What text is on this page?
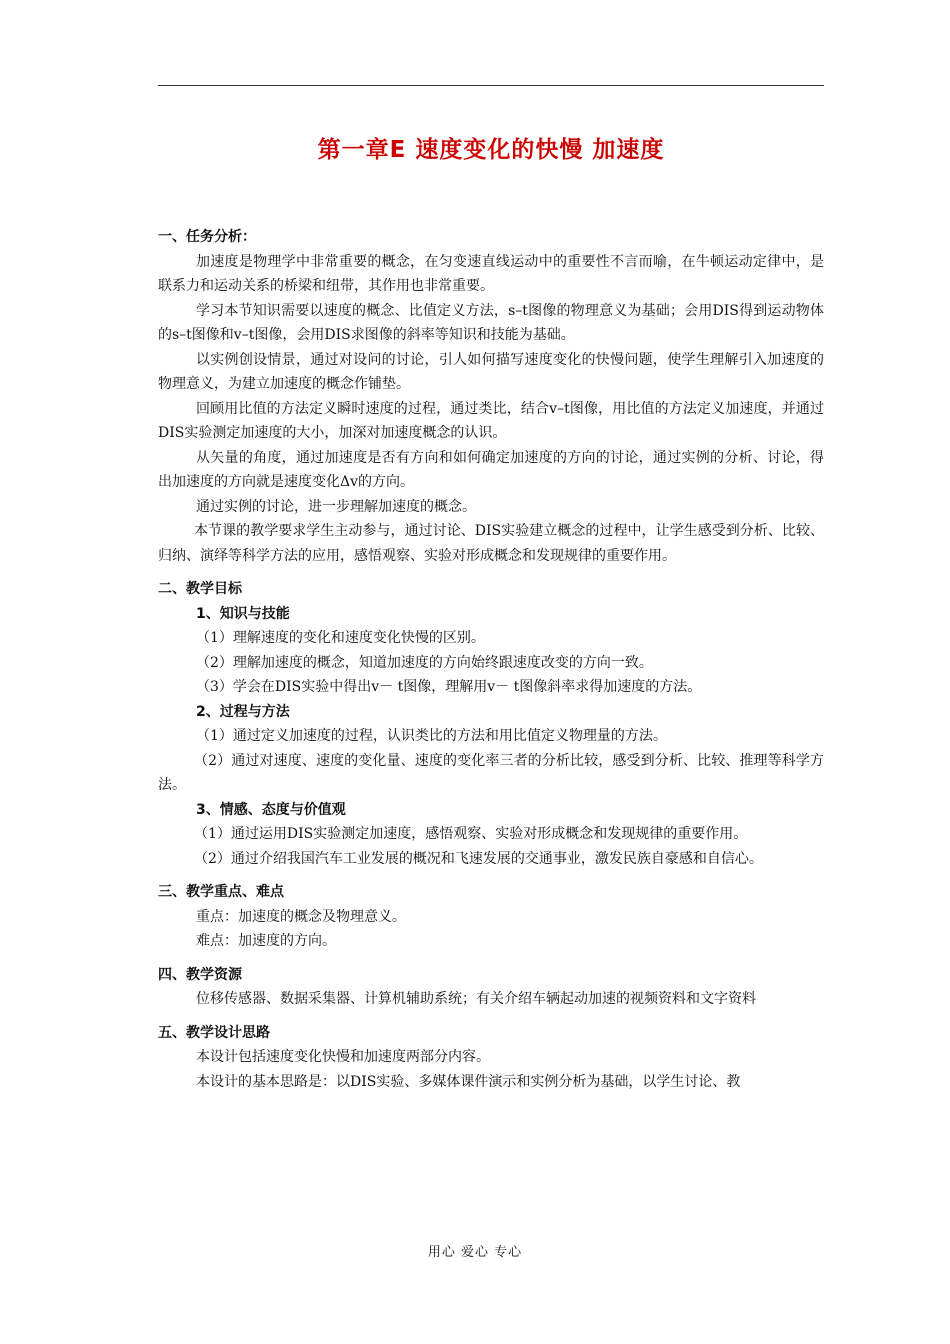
第一章E 速度变化的快慢 加速度
一、任务分析：

加速度是物理学中非常重要的概念，在匀变速直线运动中的重要性不言而喻，在牛顿运动定律中，是联系力和运动关系的桥梁和纽带，其作用也非常重要。

学习本节知识需要以速度的概念、比值定义方法，s–t图像的物理意义为基础；会用DIS得到运动物体的s–t图像和v–t图像，会用DIS求图像的斜率等知识和技能为基础。

以实例创设情景，通过对设问的讨论，引人如何描写速度变化的快慢问题，使学生理解引入加速度的物理意义，为建立加速度的概念作铺垫。

回顾用比值的方法定义瞬时速度的过程，通过类比，结合v–t图像，用比值的方法定义加速度，并通过DIS实验测定加速度的大小，加深对加速度概念的认识。

从矢量的角度，通过加速度是否有方向和如何确定加速度的方向的讨论，通过实例的分析、讨论，得出加速度的方向就是速度变化Δv的方向。

通过实例的讨论，进一步理解加速度的概念。

本节课的教学要求学生主动参与，通过讨论、DIS实验建立概念的过程中，让学生感受到分析、比较、归纳、演绎等科学方法的应用，感悟观察、实验对形成概念和发现规律的重要作用。

二、教学目标
1、知识与技能

（1）理解速度的变化和速度变化快慢的区别。

（2）理解加速度的概念，知道加速度的方向始终跟速度改变的方向一致。

（3）学会在DIS实验中得出v－ t图像，理解用v－ t图像斜率求得加速度的方法。

2、过程与方法

（1）通过定义加速度的过程，认识类比的方法和用比值定义物理量的方法。

（2）通过对速度、速度的变化量、速度的变化率三者的分析比较，感受到分析、比较、推理等科学方法。

3、情感、态度与价值观

（1）通过运用DIS实验测定加速度，感悟观察、实验对形成概念和发现规律的重要作用。

（2）通过介绍我国汽车工业发展的概况和飞速发展的交通事业，激发民族自豪感和自信心。

三、教学重点、难点

重点：加速度的概念及物理意义。

难点：加速度的方向。

四、教学资源

位移传感器、数据采集器、计算机辅助系统；有关介绍车辆起动加速的视频资料和文字资料

五、教学设计思路

本设计包括速度变化快慢和加速度两部分内容。

本设计的基本思路是：以DIS实验、多媒体课件演示和实例分析为基础，以学生讨论、教

用心 爱心 专心
